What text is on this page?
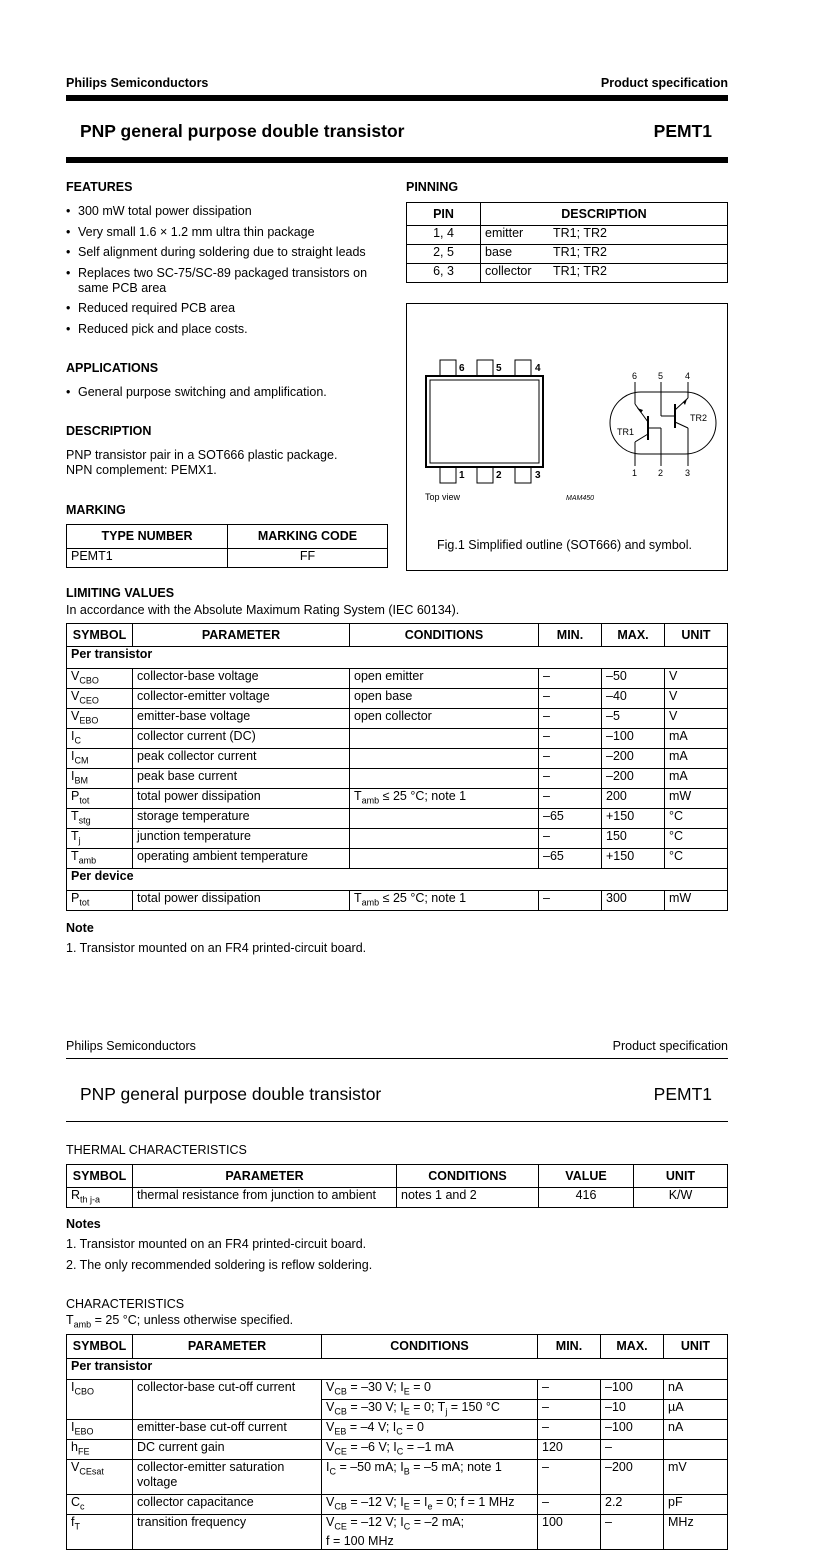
Philips Semiconductors	Product specification
PNP general purpose double transistor	PEMT1
FEATURES
• 300 mW total power dissipation
• Very small 1.6 × 1.2 mm ultra thin package
• Self alignment during soldering due to straight leads
• Replaces two SC-75/SC-89 packaged transistors on same PCB area
• Reduced required PCB area
• Reduced pick and place costs.
APPLICATIONS
• General purpose switching and amplification.
DESCRIPTION
PNP transistor pair in a SOT666 plastic package.
NPN complement: PEMX1.
MARKING
TYPE NUMBER	MARKING CODE
PEMT1	FF
PINNING
PIN	DESCRIPTION	
1, 4	emitter	TR1; TR2
2, 5	base	TR1; TR2
6, 3	collector	TR1; TR2
6	5	4
1	2	3
Top view	MAM450
TR1
TR2
6 5 4
1 2 3
Fig.1 Simplified outline (SOT666) and symbol.
LIMITING VALUES
In accordance with the Absolute Maximum Rating System (IEC 60134).
SYMBOL	PARAMETER	CONDITIONS	MIN.	MAX.	UNIT
Per transistor					
$V_{CBO}$	collector-base voltage	open emitter	–	–50	V
$V_{CEO}$	collector-emitter voltage	open base	–	–40	V
$V_{EBO}$	emitter-base voltage	open collector	–	–5	V
$I_C$	collector current (DC)		–	–100	mA
$I_{CM}$	peak collector current		–	–200	mA
$I_{BM}$	peak base current		–	–200	mA
$P_{tot}$	total power dissipation	$T_{amb} \le 25$ °C; note 1	–	200	mW
$T_{stg}$	storage temperature		–65	+150	°C
$T_j$	junction temperature		–	150	°C
$T_{amb}$	operating ambient temperature		–65	+150	°C
Per device					
$P_{tot}$	total power dissipation	$T_{amb} \le 25$ °C; note 1	–	300	mW
Note
1. Transistor mounted on an FR4 printed-circuit board.
Philips Semiconductors	Product specification
PNP general purpose double transistor	PEMT1
THERMAL CHARACTERISTICS
SYMBOL	PARAMETER	CONDITIONS	VALUE	UNIT
$R_{th j-a}$	thermal resistance from junction to ambient	notes 1 and 2	416	K/W
Notes
1. Transistor mounted on an FR4 printed-circuit board.
2. The only recommended soldering is reflow soldering.
CHARACTERISTICS
$T_{amb} = 25$ °C; unless otherwise specified.
SYMBOL	PARAMETER	CONDITIONS	MIN.	MAX.	UNIT
Per transistor					
$I_{CBO}$	collector-base cut-off current	$V_{CB} = -30$ V; $I_E = 0$	–	–100	nA
		$V_{CB} = -30$ V; $I_E = 0$; $T_j = 150$ °C	–	–10	µA
$I_{EBO}$	emitter-base cut-off current	$V_{EB} = -4$ V; $I_C = 0$	–	–100	nA
$h_{FE}$	DC current gain	$V_{CE} = -6$ V; $I_C = -1$ mA	120	–	
$V_{CEsat}$	collector-emitter saturation voltage	$I_C = -50$ mA; $I_B = -5$ mA; note 1	–	–200	mV
$C_c$	collector capacitance	$V_{CB} = -12$ V; $I_E = I_e = 0$; f = 1 MHz	–	2.2	pF
$f_T$	transition frequency	$V_{CE} = -12$ V; $I_C = -2$ mA;
f = 100 MHz	100	–	MHz
